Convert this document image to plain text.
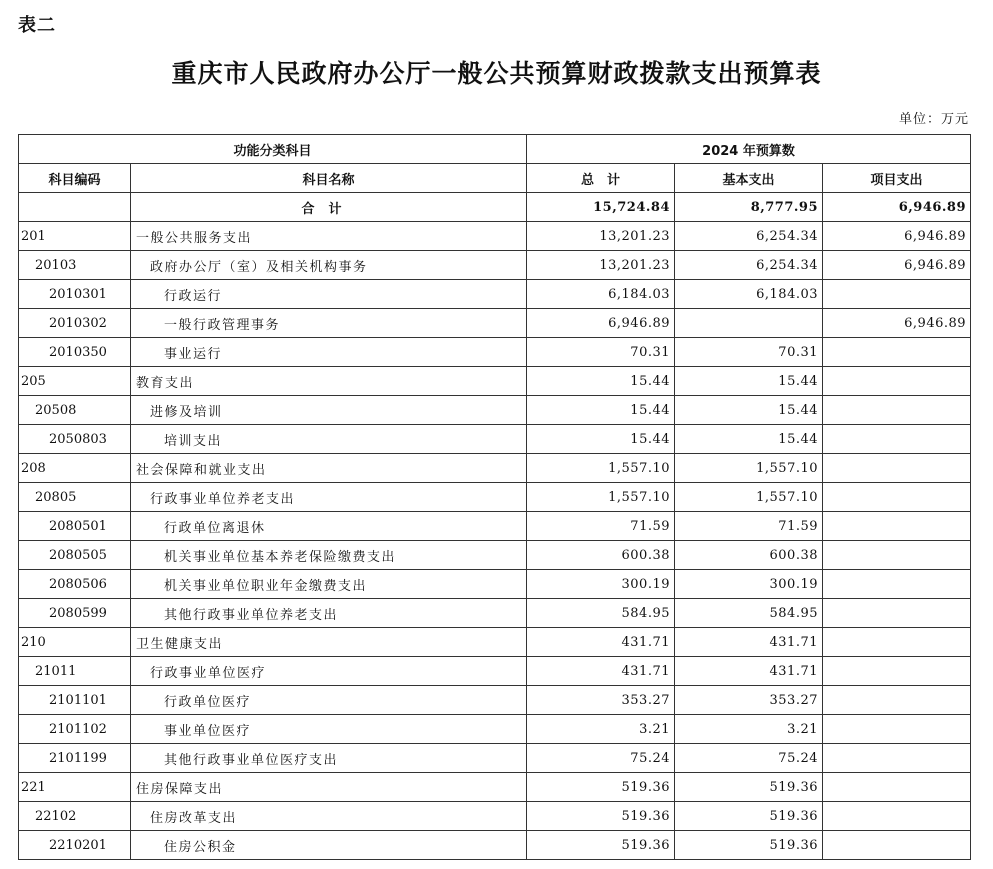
表二
重庆市人民政府办公厅一般公共预算财政拨款支出预算表
单位：万元
功能分类科目		2024 年预算数		
科目编码	科目名称	总　计	基本支出	项目支出
	合计	15,724.84	8,777.95	6,946.89
201	一般公共服务支出	13,201.23	6,254.34	6,946.89
20103	政府办公厅（室）及相关机构事务	13,201.23	6,254.34	6,946.89
2010301	行政运行	6,184.03	6,184.03	
2010302	一般行政管理事务	6,946.89		6,946.89
2010350	事业运行	70.31	70.31	
205	教育支出	15.44	15.44	
20508	进修及培训	15.44	15.44	
2050803	培训支出	15.44	15.44	
208	社会保障和就业支出	1,557.10	1,557.10	
20805	行政事业单位养老支出	1,557.10	1,557.10	
2080501	行政单位离退休	71.59	71.59	
2080505	机关事业单位基本养老保险缴费支出	600.38	600.38	
2080506	机关事业单位职业年金缴费支出	300.19	300.19	
2080599	其他行政事业单位养老支出	584.95	584.95	
210	卫生健康支出	431.71	431.71	
21011	行政事业单位医疗	431.71	431.71	
2101101	行政单位医疗	353.27	353.27	
2101102	事业单位医疗	3.21	3.21	
2101199	其他行政事业单位医疗支出	75.24	75.24	
221	住房保障支出	519.36	519.36	
22102	住房改革支出	519.36	519.36	
2210201	住房公积金	519.36	519.36	
